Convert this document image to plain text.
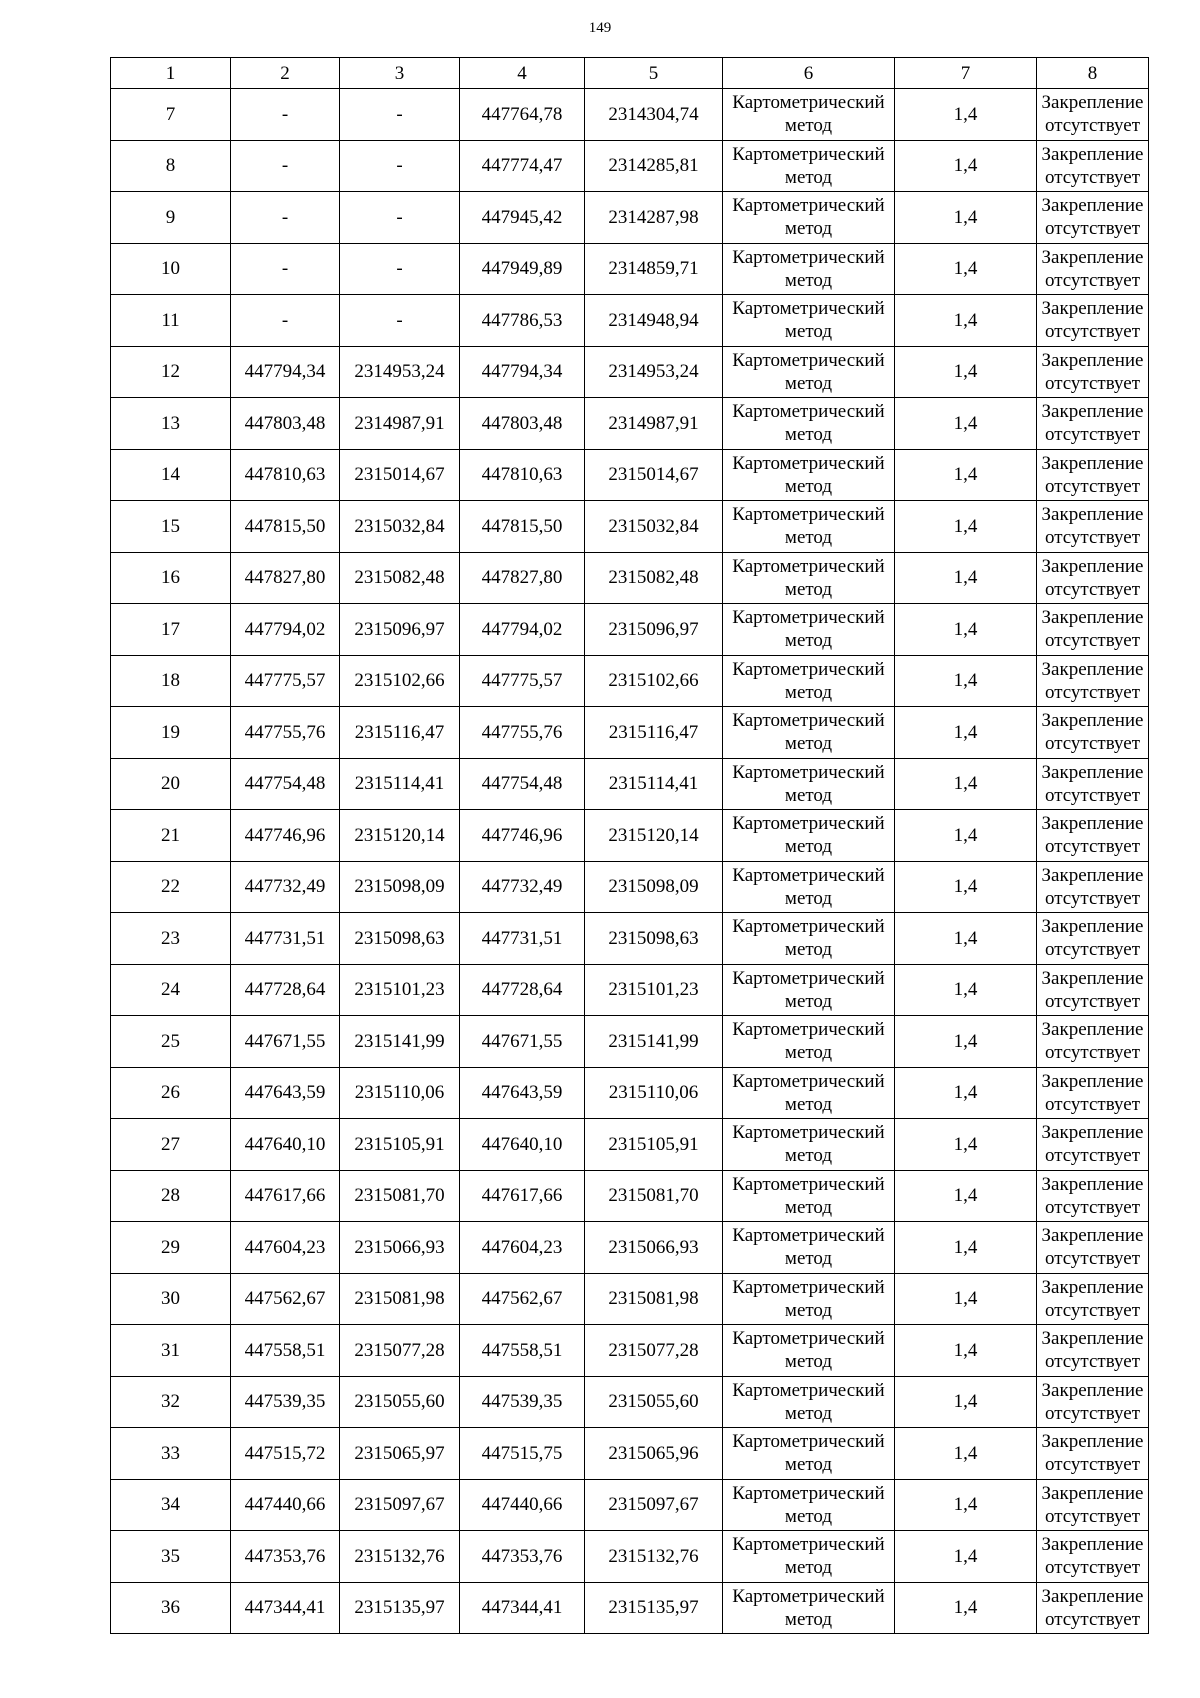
149
1	2	3	4	5	6	7	8
7	-	-	447764,78	2314304,74	Картометрический метод	1,4	Закрепление отсутствует
8	-	-	447774,47	2314285,81	Картометрический метод	1,4	Закрепление отсутствует
9	-	-	447945,42	2314287,98	Картометрический метод	1,4	Закрепление отсутствует
10	-	-	447949,89	2314859,71	Картометрический метод	1,4	Закрепление отсутствует
11	-	-	447786,53	2314948,94	Картометрический метод	1,4	Закрепление отсутствует
12	447794,34	2314953,24	447794,34	2314953,24	Картометрический метод	1,4	Закрепление отсутствует
13	447803,48	2314987,91	447803,48	2314987,91	Картометрический метод	1,4	Закрепление отсутствует
14	447810,63	2315014,67	447810,63	2315014,67	Картометрический метод	1,4	Закрепление отсутствует
15	447815,50	2315032,84	447815,50	2315032,84	Картометрический метод	1,4	Закрепление отсутствует
16	447827,80	2315082,48	447827,80	2315082,48	Картометрический метод	1,4	Закрепление отсутствует
17	447794,02	2315096,97	447794,02	2315096,97	Картометрический метод	1,4	Закрепление отсутствует
18	447775,57	2315102,66	447775,57	2315102,66	Картометрический метод	1,4	Закрепление отсутствует
19	447755,76	2315116,47	447755,76	2315116,47	Картометрический метод	1,4	Закрепление отсутствует
20	447754,48	2315114,41	447754,48	2315114,41	Картометрический метод	1,4	Закрепление отсутствует
21	447746,96	2315120,14	447746,96	2315120,14	Картометрический метод	1,4	Закрепление отсутствует
22	447732,49	2315098,09	447732,49	2315098,09	Картометрический метод	1,4	Закрепление отсутствует
23	447731,51	2315098,63	447731,51	2315098,63	Картометрический метод	1,4	Закрепление отсутствует
24	447728,64	2315101,23	447728,64	2315101,23	Картометрический метод	1,4	Закрепление отсутствует
25	447671,55	2315141,99	447671,55	2315141,99	Картометрический метод	1,4	Закрепление отсутствует
26	447643,59	2315110,06	447643,59	2315110,06	Картометрический метод	1,4	Закрепление отсутствует
27	447640,10	2315105,91	447640,10	2315105,91	Картометрический метод	1,4	Закрепление отсутствует
28	447617,66	2315081,70	447617,66	2315081,70	Картометрический метод	1,4	Закрепление отсутствует
29	447604,23	2315066,93	447604,23	2315066,93	Картометрический метод	1,4	Закрепление отсутствует
30	447562,67	2315081,98	447562,67	2315081,98	Картометрический метод	1,4	Закрепление отсутствует
31	447558,51	2315077,28	447558,51	2315077,28	Картометрический метод	1,4	Закрепление отсутствует
32	447539,35	2315055,60	447539,35	2315055,60	Картометрический метод	1,4	Закрепление отсутствует
33	447515,72	2315065,97	447515,75	2315065,96	Картометрический метод	1,4	Закрепление отсутствует
34	447440,66	2315097,67	447440,66	2315097,67	Картометрический метод	1,4	Закрепление отсутствует
35	447353,76	2315132,76	447353,76	2315132,76	Картометрический метод	1,4	Закрепление отсутствует
36	447344,41	2315135,97	447344,41	2315135,97	Картометрический метод	1,4	Закрепление отсутствует
